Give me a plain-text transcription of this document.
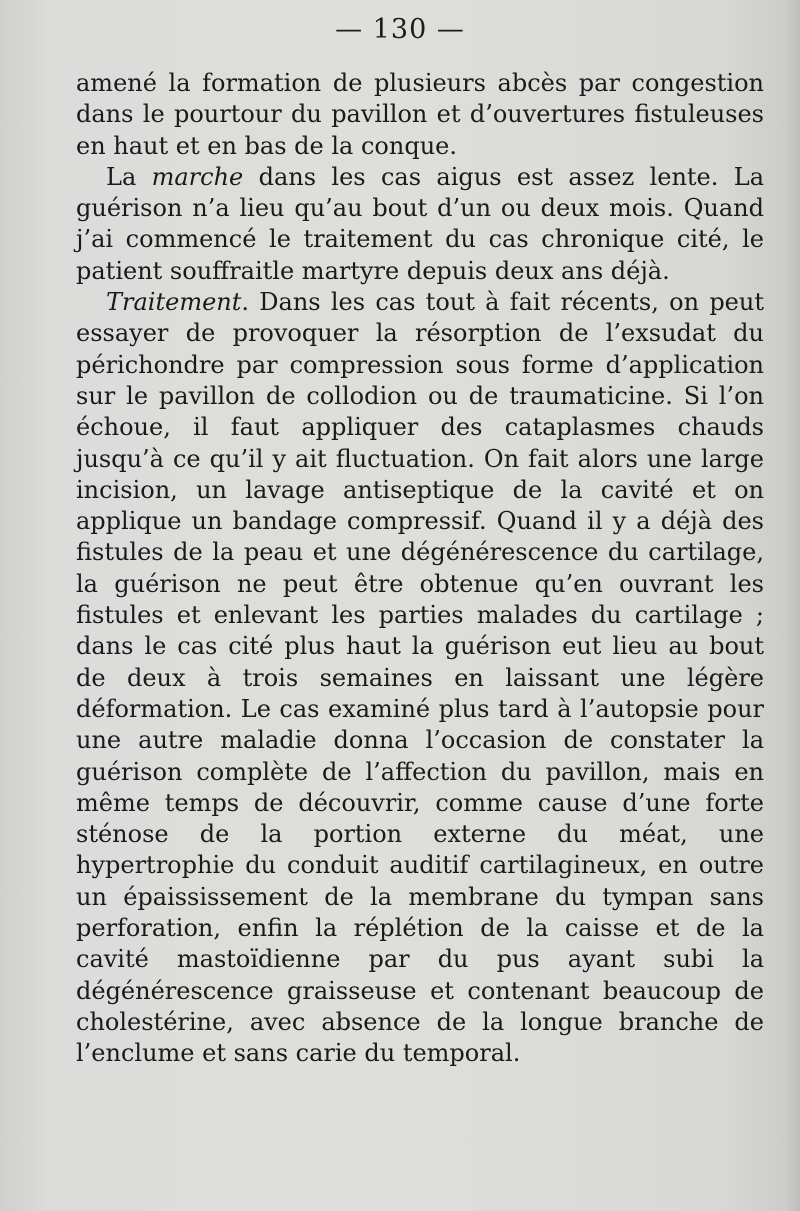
— 130 —

amené la formation de plusieurs abcès par congestion dans le pourtour du pavillon et d’ouvertures fistuleuses en haut et en bas de la conque.

La marche dans les cas aigus est assez lente. La guérison n’a lieu qu’au bout d’un ou deux mois. Quand j’ai commencé le traitement du cas chronique cité, le patient souffraitle martyre depuis deux ans déjà.

Traitement. Dans les cas tout à fait récents, on peut essayer de provoquer la résorption de l’exsudat du périchondre par compression sous forme d’application sur le pavillon de collodion ou de traumaticine. Si l’on échoue, il faut appliquer des cataplasmes chauds jusqu’à ce qu’il y ait fluctuation. On fait alors une large incision, un lavage antiseptique de la cavité et on applique un bandage compressif. Quand il y a déjà des fistules de la peau et une dégénérescence du cartilage, la guérison ne peut être obtenue qu’en ouvrant les fistules et enlevant les parties malades du cartilage ; dans le cas cité plus haut la guérison eut lieu au bout de deux à trois semaines en laissant une légère déformation. Le cas examiné plus tard à l’autopsie pour une autre maladie donna l’occasion de constater la guérison complète de l’affection du pavillon, mais en même temps de découvrir, comme cause d’une forte sténose de la portion externe du méat, une hypertrophie du conduit auditif cartilagineux, en outre un épaississement de la membrane du tympan sans perforation, enfin la réplétion de la caisse et de la cavité mastoïdienne par du pus ayant subi la dégénérescence graisseuse et contenant beaucoup de cholestérine, avec absence de la longue branche de l’enclume et sans carie du temporal.
